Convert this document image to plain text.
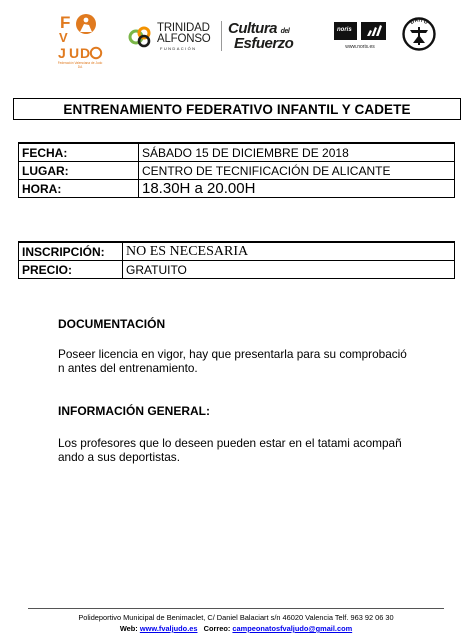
F
V
J U D
Federación Valenciana de Judo DA
TRINIDAD
ALFONSO
FUNDACIÓN
Cultura del
Esfuerzo
noris
www.noris.es
DAITO
ENTRENAMIENTO FEDERATIVO INFANTIL Y CADETE
FECHA:	SÁBADO 15 DE DICIEMBRE DE 2018
LUGAR:	CENTRO DE TECNIFICACIÓN DE ALICANTE
HORA:	18.30H a 20.00H
INSCRIPCIÓN:	NO ES NECESARIA
PRECIO:	GRATUITO
DOCUMENTACIÓN
Poseer licencia en vigor, hay que presentarla para su comprobació
n antes del entrenamiento.
INFORMACIÓN GENERAL:
Los profesores que lo deseen pueden estar en el tatami acompañ
ando a sus deportistas.
Polideportivo Municipal de Benimaclet, C/ Daniel Balaciart s/n 46020 Valencia Telf. 963 92 06 30
Web: www.fvaljudo.es Correo: campeonatosfvaljudo@gmail.com
